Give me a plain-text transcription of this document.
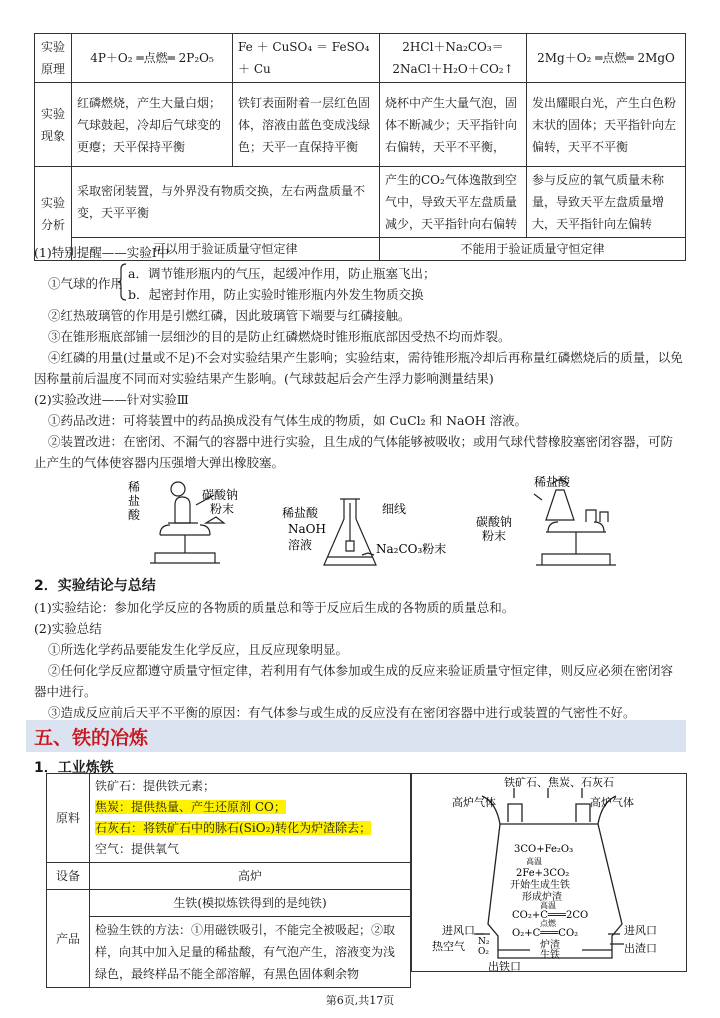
实验原理	4P＋O₂ ═点燃═ 2P₂O₅	Fe ＋ CuSO₄ ＝ FeSO₄ ＋ Cu	2HCl＋Na₂CO₃＝2NaCl＋H₂O＋CO₂↑	2Mg＋O₂ ═点燃═ 2MgO
实验现象	红磷燃烧，产生大量白烟；气球鼓起，冷却后气球变的更瘪；天平保持平衡	铁钉表面附着一层红色固体，溶液由蓝色变成浅绿色；天平一直保持平衡	烧杯中产生大量气泡，固体不断减少；天平指针向右偏转，天平不平衡，	发出耀眼白光，产生白色粉末状的固体；天平指针向左偏转，天平不平衡
实验分析	采取密闭装置，与外界没有物质交换，左右两盘质量不变，天平平衡		产生的CO₂气体逸散到空气中，导致天平左盘质量减少，天平指针向右偏转	参与反应的氧气质量未称量，导致天平左盘质量增大，天平指针向左偏转
	可以用于验证质量守恒定律		不能用于验证质量守恒定律	
(1)特别提醒——实验Ⅰ中
①气球的作用
a．调节锥形瓶内的气压，起缓冲作用，防止瓶塞飞出；
b．起密封作用，防止实验时锥形瓶内外发生物质交换
②红热玻璃管的作用是引燃红磷，因此玻璃管下端要与红磷接触。
③在锥形瓶底部铺一层细沙的目的是防止红磷燃烧时锥形瓶底部因受热不均而炸裂。
④红磷的用量(过量或不足)不会对实验结果产生影响；实验结束，需待锥形瓶冷却后再称量红磷燃烧后的质量，以免
因称量前后温度不同而对实验结果产生影响。(气球鼓起后会产生浮力影响测量结果)
(2)实验改进——针对实验Ⅲ
①药品改进：可将装置中的药品换成没有气体生成的物质，如 CuCl₂ 和 NaOH 溶液。
②装置改进：在密闭、不漏气的容器中进行实验，且生成的气体能够被吸收；或用气球代替橡胶塞密闭容器，可防
止产生的气体使容器内压强增大弹出橡胶塞。
稀
盐
酸
碳酸钠
粉末	稀盐酸
NaOH
溶液
细线
Na₂CO₃粉末
稀盐酸
碳酸钠
粉末
2．实验结论与总结
(1)实验结论：参加化学反应的各物质的质量总和等于反应后生成的各物质的质量总和。
(2)实验总结
①所选化学药品要能发生化学反应，且反应现象明显。
②任何化学反应都遵守质量守恒定律，若利用有气体参加或生成的反应来验证质量守恒定律，则反应必须在密闭容
器中进行。
③造成反应前后天平不平衡的原因：有气体参与或生成的反应没有在密闭容器中进行或装置的气密性不好。
五、铁的冶炼
1．工业炼铁
原料	铁矿石：提供铁元素；
焦炭：提供热量、产生还原剂 CO；
石灰石：将铁矿石中的脉石(SiO₂)转化为炉渣除去；
空气：提供氧气

设备	高炉
产品	生铁(模拟炼铁得到的是纯铁)
	检验生铁的方法：①用磁铁吸引，不能完全被吸起；②取样，向其中加入足量的稀盐酸，有气泡产生，溶液变为浅绿色，最终样品不能全部溶解，有黑色固体剩余物
铁矿石、焦炭、石灰石
高炉气体	高炉气体
3CO+Fe₂O₃
高温
2Fe+3CO₂
开始生成生铁
形成炉渣
高温
CO₂+C═══2CO
点燃
O₂+C═══CO₂
进风口	进风口
热空气 N₂
O₂
炉渣
生铁
出渣口
出铁口
第6页,共17页
